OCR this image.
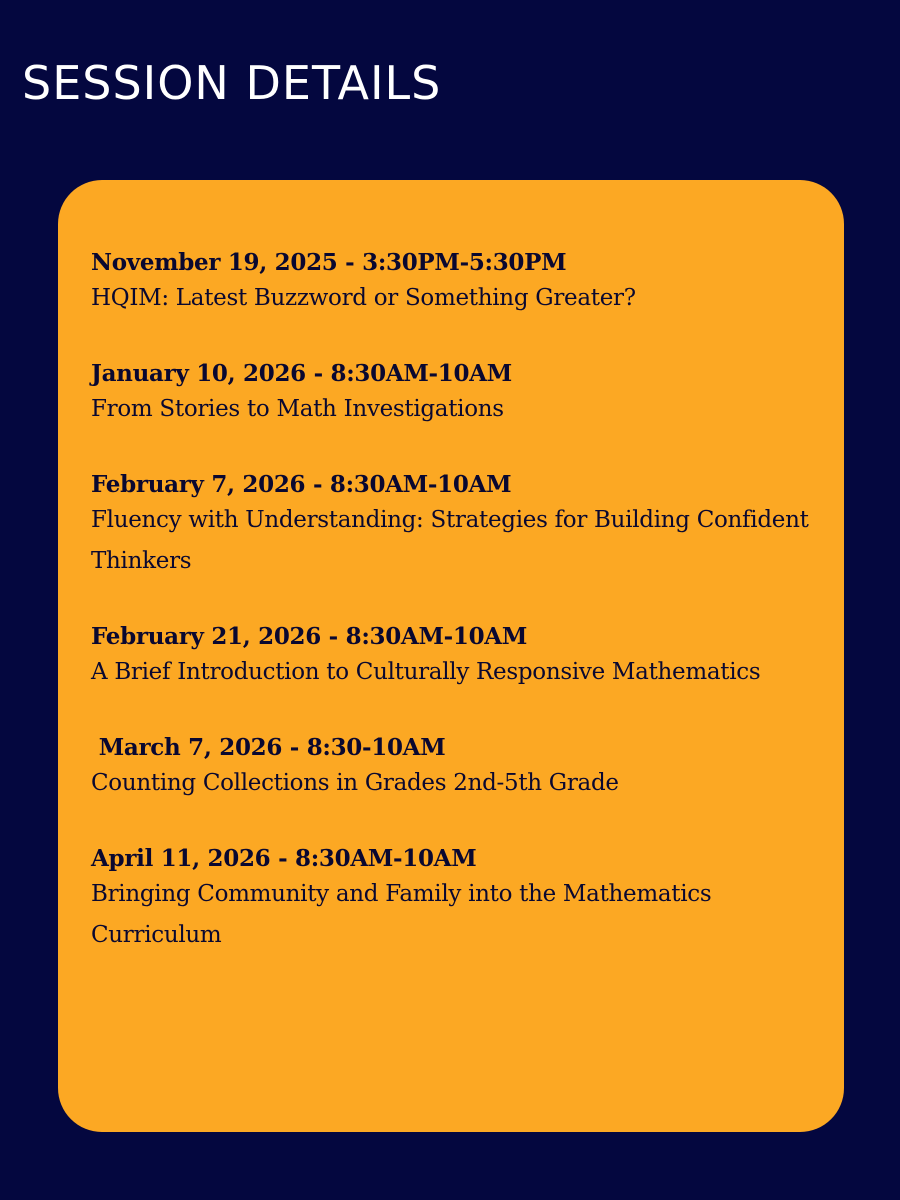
SESSION DETAILS
November 19, 2025 - 3:30PM-5:30PM
HQIM: Latest Buzzword or Something Greater?
January 10, 2026 - 8:30AM-10AM
From Stories to Math Investigations
February 7, 2026 - 8:30AM-10AM
Fluency with Understanding: Strategies for Building Confident Thinkers
February 21, 2026 - 8:30AM-10AM
A Brief Introduction to Culturally Responsive Mathematics
March 7, 2026 - 8:30-10AM
Counting Collections in Grades 2nd-5th Grade
April 11, 2026 - 8:30AM-10AM
Bringing Community and Family into the Mathematics Curriculum
